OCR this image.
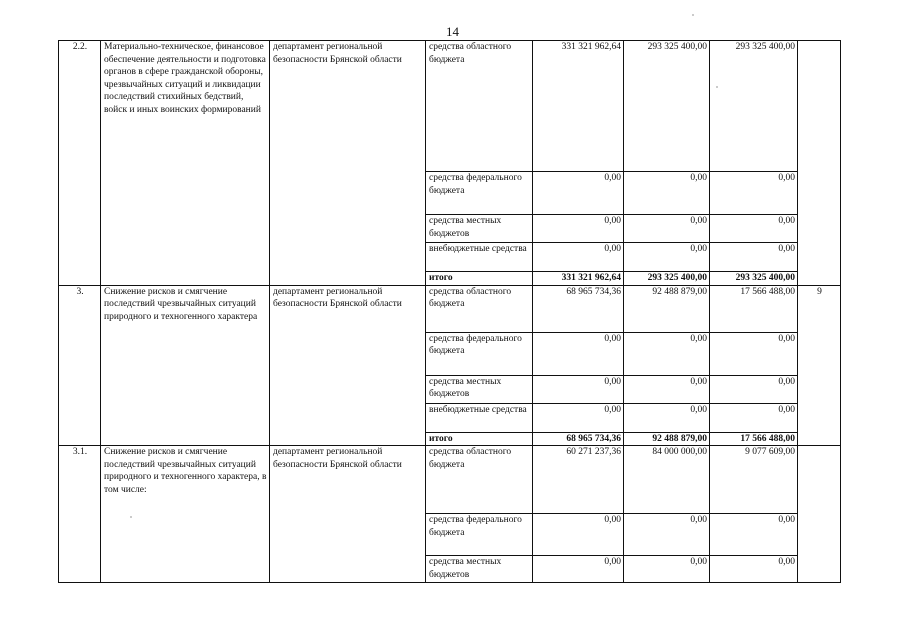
14
2.2.	Материально-техническое, финансовое обеспечение деятельности и подготовка органов в сфере гражданской обороны, чрезвычайных ситуаций и ликвидации последствий стихийных бедствий, войск и иных воинских формирований	департамент региональной безопасности Брянской области	средства областного бюджета	331 321 962,64	293 325 400,00	293 325 400,00	
			средства федерального бюджета	0,00	0,00	0,00	
			средства местных бюджетов	0,00	0,00	0,00	
			внебюджетные средства	0,00	0,00	0,00	
			итого	331 321 962,64	293 325 400,00	293 325 400,00	
3.	Снижение рисков и смягчение последствий чрезвычайных ситуаций природного и техногенного характера	департамент региональной безопасности Брянской области	средства областного бюджета	68 965 734,36	92 488 879,00	17 566 488,00	9
			средства федерального бюджета	0,00	0,00	0,00	
			средства местных бюджетов	0,00	0,00	0,00	
			внебюджетные средства	0,00	0,00	0,00	
			итого	68 965 734,36	92 488 879,00	17 566 488,00	
3.1.	Снижение рисков и смягчение последствий чрезвычайных ситуаций природного и техногенного характера, в том числе:	департамент региональной безопасности Брянской области	средства областного бюджета	60 271 237,36	84 000 000,00	9 077 609,00	
			средства федерального бюджета	0,00	0,00	0,00	
			средства местных бюджетов	0,00	0,00	0,00	
